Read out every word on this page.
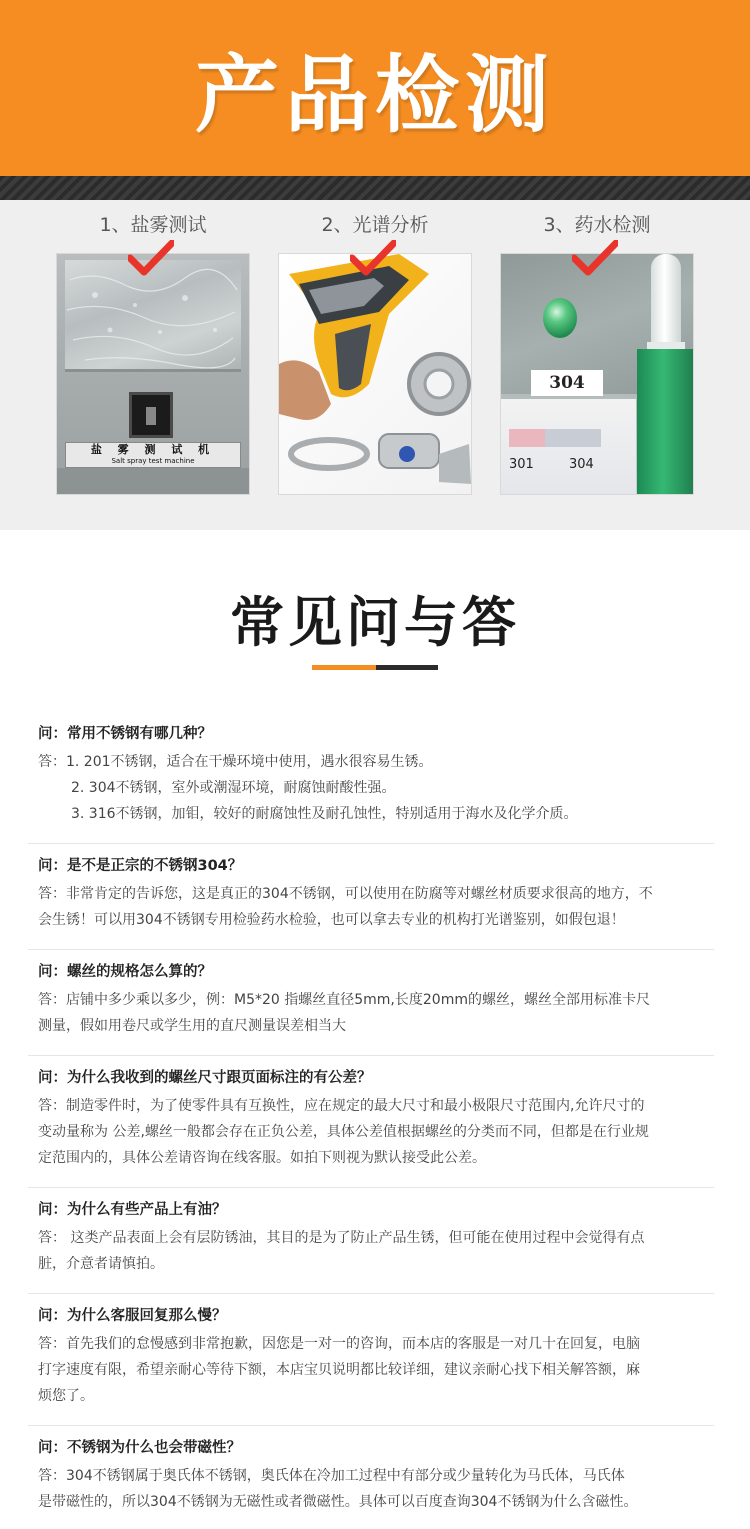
产品检测
1、盐雾测试
盐 雾 测 试 机
Salt spray test machine
2、光谱分析	3、药水检测
304
301	304
常见问与答
问：常用不锈钢有哪几种？
答：1. 201不锈钢，适合在干燥环境中使用，遇水很容易生锈。
2. 304不锈钢，室外或潮湿环境，耐腐蚀耐酸性强。
3. 316不锈钢，加钼，较好的耐腐蚀性及耐孔蚀性，特别适用于海水及化学介质。
问：是不是正宗的不锈钢304？
答：非常肯定的告诉您，这是真正的304不锈钢，可以使用在防腐等对螺丝材质要求很高的地方，不
会生锈！可以用304不锈钢专用检验药水检验，也可以拿去专业的机构打光谱鉴别，如假包退！
问：螺丝的规格怎么算的？
答：店铺中多少乘以多少，例：M5*20 指螺丝直径5mm,长度20mm的螺丝，螺丝全部用标准卡尺
测量，假如用卷尺或学生用的直尺测量误差相当大
问：为什么我收到的螺丝尺寸跟页面标注的有公差？
答：制造零件时，为了使零件具有互换性，应在规定的最大尺寸和最小极限尺寸范围内,允许尺寸的
变动量称为 公差,螺丝一般都会存在正负公差，具体公差值根据螺丝的分类而不同，但都是在行业规
定范围内的，具体公差请咨询在线客服。如拍下则视为默认接受此公差。
问：为什么有些产品上有油？
答： 这类产品表面上会有层防锈油，其目的是为了防止产品生锈，但可能在使用过程中会觉得有点
脏，介意者请慎拍。
问：为什么客服回复那么慢？
答：首先我们的怠慢感到非常抱歉，因您是一对一的咨询，而本店的客服是一对几十在回复，电脑
打字速度有限，希望亲耐心等待下额，本店宝贝说明都比较详细，建议亲耐心找下相关解答额，麻
烦您了。
问：不锈钢为什么也会带磁性？
答：304不锈钢属于奥氏体不锈钢，奥氏体在冷加工过程中有部分或少量转化为马氏体，马氏体
是带磁性的，所以304不锈钢为无磁性或者微磁性。具体可以百度查询304不锈钢为什么含磁性。
